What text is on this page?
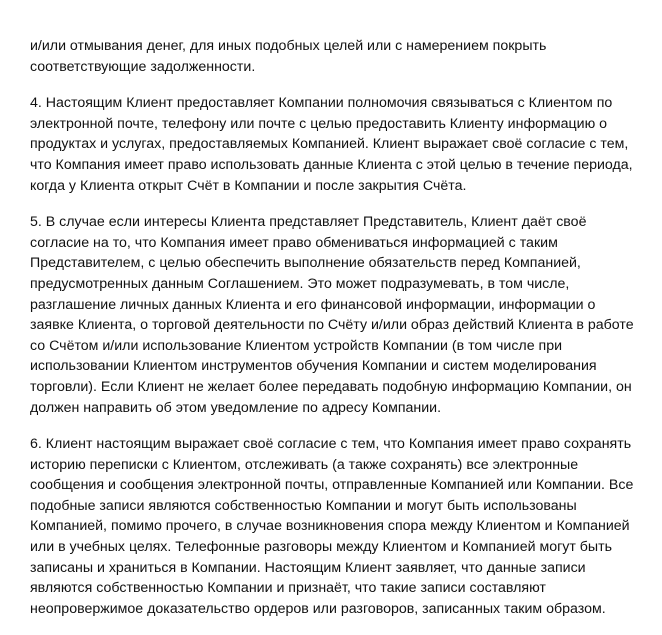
и/или отмывания денег, для иных подобных целей или с намерением покрыть
соответствующие задолженности.

4. Настоящим Клиент предоставляет Компании полномочия связываться с Клиентом по
электронной почте, телефону или почте с целью предоставить Клиенту информацию о
продуктах и услугах, предоставляемых Компанией. Клиент выражает своё согласие с тем,
что Компания имеет право использовать данные Клиента с этой целью в течение периода,
когда у Клиента открыт Счёт в Компании и после закрытия Счёта.

5. В случае если интересы Клиента представляет Представитель, Клиент даёт своё
согласие на то, что Компания имеет право обмениваться информацией с таким
Представителем, с целью обеспечить выполнение обязательств перед Компанией,
предусмотренных данным Соглашением. Это может подразумевать, в том числе,
разглашение личных данных Клиента и его финансовой информации, информации о
заявке Клиента, о торговой деятельности по Счёту и/или образ действий Клиента в работе
со Счётом и/или использование Клиентом устройств Компании (в том числе при
использовании Клиентом инструментов обучения Компании и систем моделирования
торговли). Если Клиент не желает более передавать подобную информацию Компании, он
должен направить об этом уведомление по адресу Компании.

6. Клиент настоящим выражает своё согласие с тем, что Компания имеет право сохранять
историю переписки с Клиентом, отслеживать (а также сохранять) все электронные
сообщения и сообщения электронной почты, отправленные Компанией или Компании. Все
подобные записи являются собственностью Компании и могут быть использованы
Компанией, помимо прочего, в случае возникновения спора между Клиентом и Компанией
или в учебных целях. Телефонные разговоры между Клиентом и Компанией могут быть
записаны и храниться в Компании. Настоящим Клиент заявляет, что данные записи
являются собственностью Компании и признаёт, что такие записи составляют
неопровержимое доказательство ордеров или разговоров, записанных таким образом.
